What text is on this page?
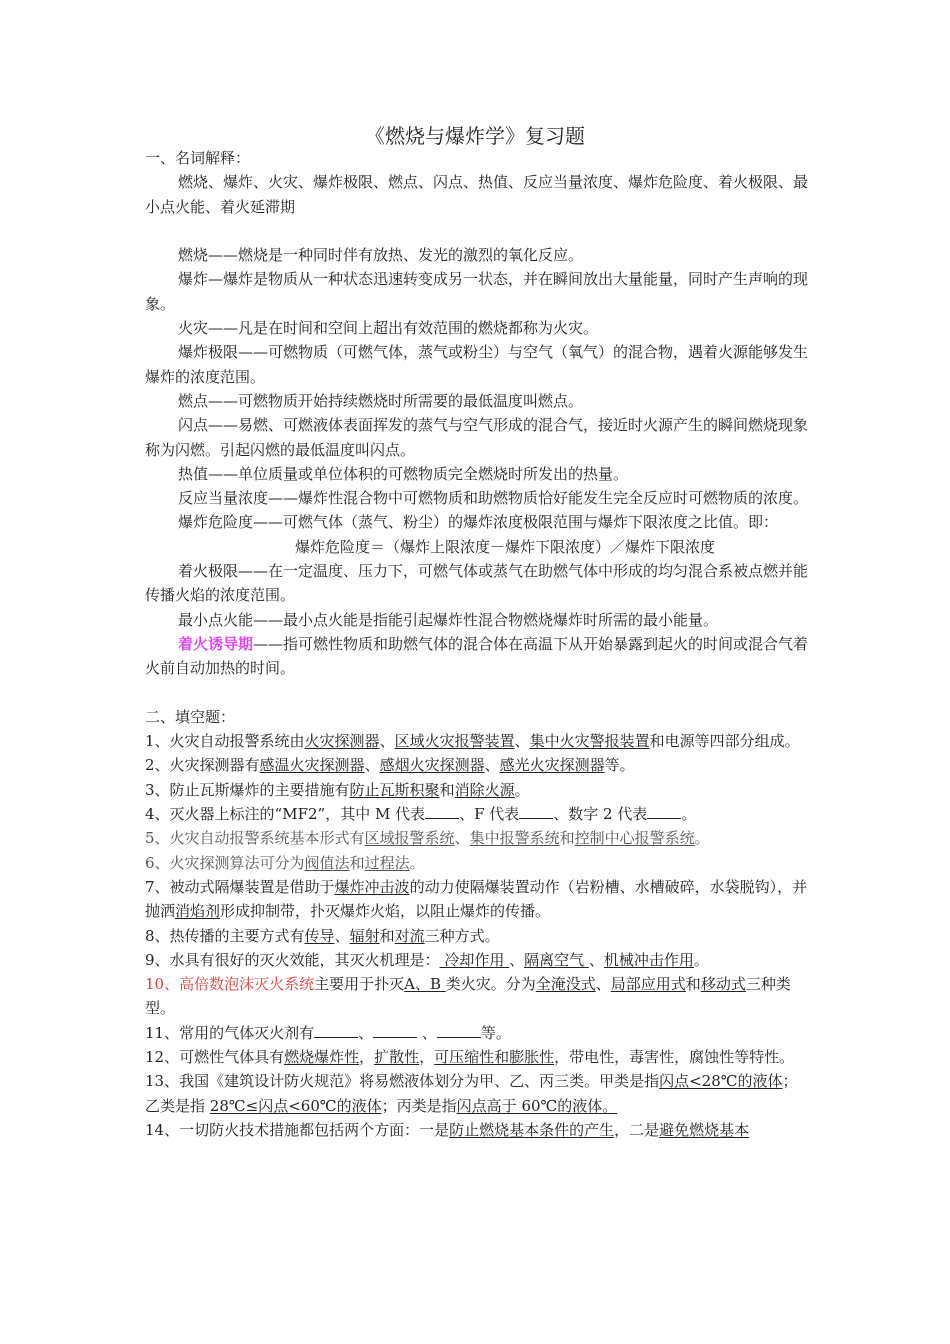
《燃烧与爆炸学》复习题

一、名词解释：

燃烧、爆炸、火灾、爆炸极限、燃点、闪点、热值、反应当量浓度、爆炸危险度、着火极限、最小点火能、着火延滞期

燃烧——燃烧是一种同时伴有放热、发光的激烈的氧化反应。

爆炸—爆炸是物质从一种状态迅速转变成另一状态，并在瞬间放出大量能量，同时产生声响的现象。

火灾——凡是在时间和空间上超出有效范围的燃烧都称为火灾。

爆炸极限——可燃物质（可燃气体，蒸气或粉尘）与空气（氧气）的混合物，遇着火源能够发生爆炸的浓度范围。

燃点——可燃物质开始持续燃烧时所需要的最低温度叫燃点。

闪点——易燃、可燃液体表面挥发的蒸气与空气形成的混合气，接近时火源产生的瞬间燃烧现象称为闪燃。引起闪燃的最低温度叫闪点。

热值——单位质量或单位体积的可燃物质完全燃烧时所发出的热量。

反应当量浓度——爆炸性混合物中可燃物质和助燃物质恰好能发生完全反应时可燃物质的浓度。

爆炸危险度——可燃气体（蒸气、粉尘）的爆炸浓度极限范围与爆炸下限浓度之比值。即：

爆炸危险度＝（爆炸上限浓度－爆炸下限浓度）／爆炸下限浓度

着火极限——在一定温度、压力下，可燃气体或蒸气在助燃气体中形成的均匀混合系被点燃并能传播火焰的浓度范围。

最小点火能——最小点火能是指能引起爆炸性混合物燃烧爆炸时所需的最小能量。

着火诱导期——指可燃性物质和助燃气体的混合体在高温下从开始暴露到起火的时间或混合气着火前自动加热的时间。

二、填空题：

1、火灾自动报警系统由火灾探测器、区域火灾报警装置、集中火灾警报装置和电源等四部分组成。

2、火灾探测器有感温火灾探测器、感烟火灾探测器、感光火灾探测器等。

3、防止瓦斯爆炸的主要措施有防止瓦斯积聚和消除火源。

4、灭火器上标注的“MF2”，其中 M 代表 、F 代表 、数字 2 代表 。

5、火灾自动报警系统基本形式有区域报警系统、集中报警系统和控制中心报警系统。

6、火灾探测算法可分为阀值法和过程法。

7、被动式隔爆装置是借助于爆炸冲击波的动力使隔爆装置动作（岩粉槽、水槽破碎，水袋脱钩），并抛洒消焰剂形成抑制带，扑灭爆炸火焰，以阻止爆炸的传播。

8、热传播的主要方式有传导、辐射和对流三种方式。

9、水具有很好的灭火效能，其灭火机理是： 冷却作用 、隔离空气 、机械冲击作用。

10、高倍数泡沫灭火系统主要用于扑灭A、B 类火灾。分为全淹没式、局部应用式和移动式三种类型。

11、常用的气体灭火剂有	、	、	等。

12、可燃性气体具有燃烧爆炸性，扩散性，可压缩性和膨胀性，带电性，毒害性，腐蚀性等特性。

13、我国《建筑设计防火规范》将易燃液体划分为甲、乙、丙三类。甲类是指闪点<28℃的液体；乙类是指 28℃≤闪点<60℃的液体；丙类是指闪点高于 60℃的液体。

14、一切防火技术措施都包括两个方面：一是防止燃烧基本条件的产生，二是避免燃烧基本
